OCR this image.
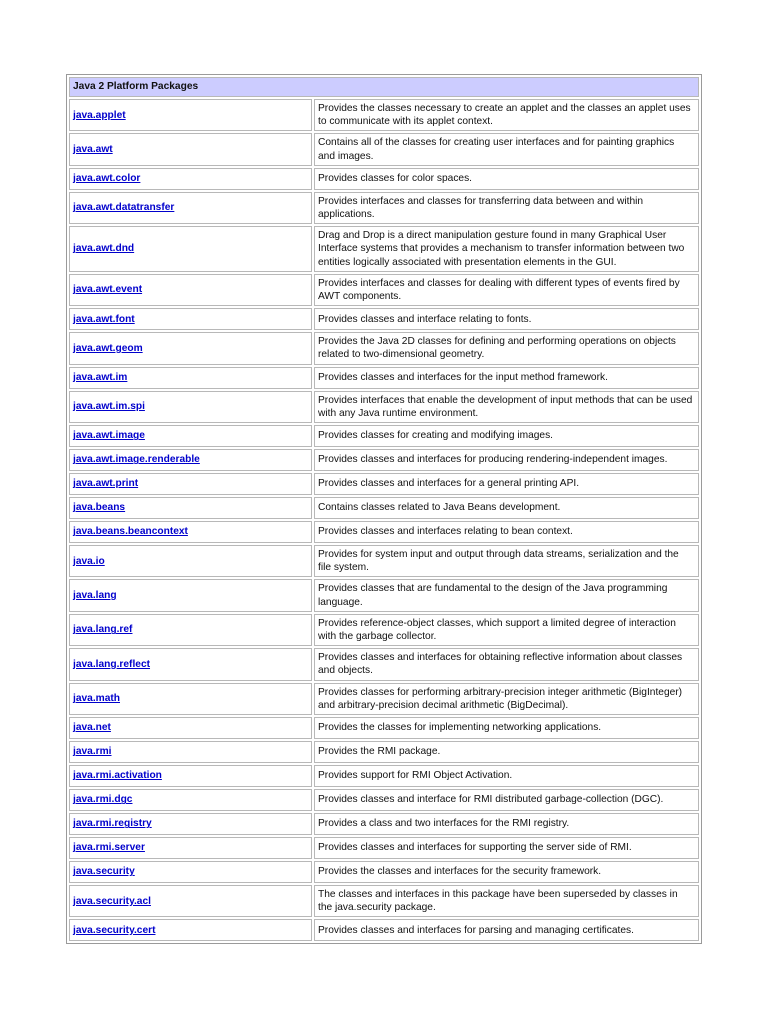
Java 2 Platform Packages	
java.applet	Provides the classes necessary to create an applet and the classes an applet uses to communicate with its applet context.
java.awt	Contains all of the classes for creating user interfaces and for painting graphics and images.
java.awt.color	Provides classes for color spaces.
java.awt.datatransfer	Provides interfaces and classes for transferring data between and within applications.
java.awt.dnd	Drag and Drop is a direct manipulation gesture found in many Graphical User Interface systems that provides a mechanism to transfer information between two entities logically associated with presentation elements in the GUI.
java.awt.event	Provides interfaces and classes for dealing with different types of events fired by AWT components.
java.awt.font	Provides classes and interface relating to fonts.
java.awt.geom	Provides the Java 2D classes for defining and performing operations on objects related to two-dimensional geometry.
java.awt.im	Provides classes and interfaces for the input method framework.
java.awt.im.spi	Provides interfaces that enable the development of input methods that can be used with any Java runtime environment.
java.awt.image	Provides classes for creating and modifying images.
java.awt.image.renderable	Provides classes and interfaces for producing rendering-independent images.
java.awt.print	Provides classes and interfaces for a general printing API.
java.beans	Contains classes related to Java Beans development.
java.beans.beancontext	Provides classes and interfaces relating to bean context.
java.io	Provides for system input and output through data streams, serialization and the file system.
java.lang	Provides classes that are fundamental to the design of the Java programming language.
java.lang.ref	Provides reference-object classes, which support a limited degree of interaction with the garbage collector.
java.lang.reflect	Provides classes and interfaces for obtaining reflective information about classes and objects.
java.math	Provides classes for performing arbitrary-precision integer arithmetic (BigInteger) and arbitrary-precision decimal arithmetic (BigDecimal).
java.net	Provides the classes for implementing networking applications.
java.rmi	Provides the RMI package.
java.rmi.activation	Provides support for RMI Object Activation.
java.rmi.dgc	Provides classes and interface for RMI distributed garbage-collection (DGC).
java.rmi.registry	Provides a class and two interfaces for the RMI registry.
java.rmi.server	Provides classes and interfaces for supporting the server side of RMI.
java.security	Provides the classes and interfaces for the security framework.
java.security.acl	The classes and interfaces in this package have been superseded by classes in the java.security package.
java.security.cert	Provides classes and interfaces for parsing and managing certificates.
